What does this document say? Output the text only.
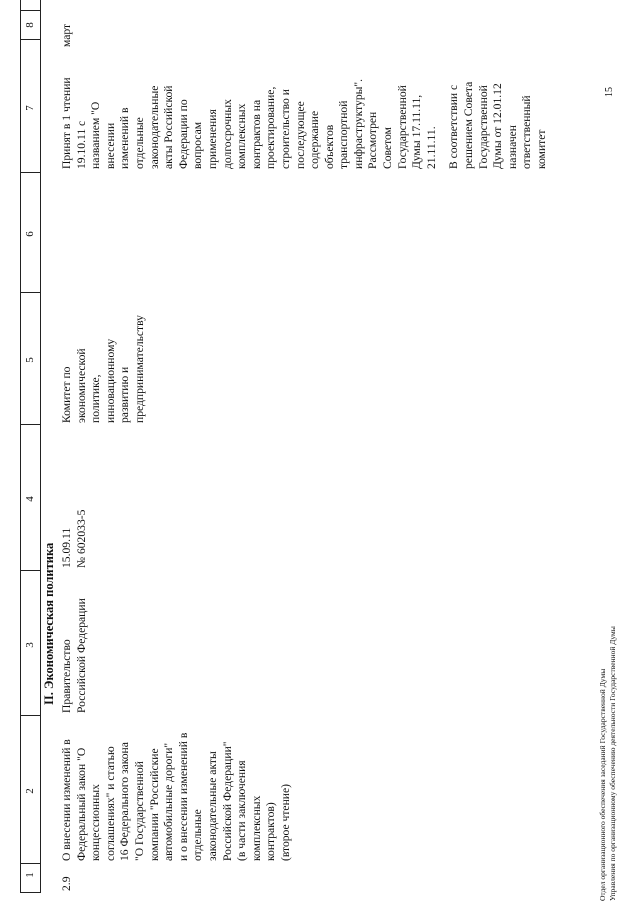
1
2
3
4
5
6
7
8
II. Экономическая политика
2.9
О внесении изменений в Федеральный закон "О концессионных соглашениях" и статью 16 Федерального закона "О Государственной компании "Российские автомобильные дороги" и о внесении изменений в отдельные законодательные акты Российской Федерации" (в части заключения комплексных контрактов) (второе чтение)
Правительство Российской Федерации
15.09.11 № 602033-5
Комитет по экономической политике, инновационному развитию и предпринимательству
Принят в 1 чтении 19.10.11 с названием "О внесении изменений в отдельные законодательные акты Российской Федерации по вопросам применения долгосрочных комплексных контрактов на проектирование, строительство и последующее содержание объектов транспортной инфраструктуры". Рассмотрен Советом Государственной Думы 17.11.11, 21.11.11. В соответствии с решением Совета Государственной Думы от 12.01.12 назначен ответственный комитет
март
Отдел организационного обеспечения заседаний Государственной Думы Управления по организационному обеспечению деятельности Государственной Думы
15
